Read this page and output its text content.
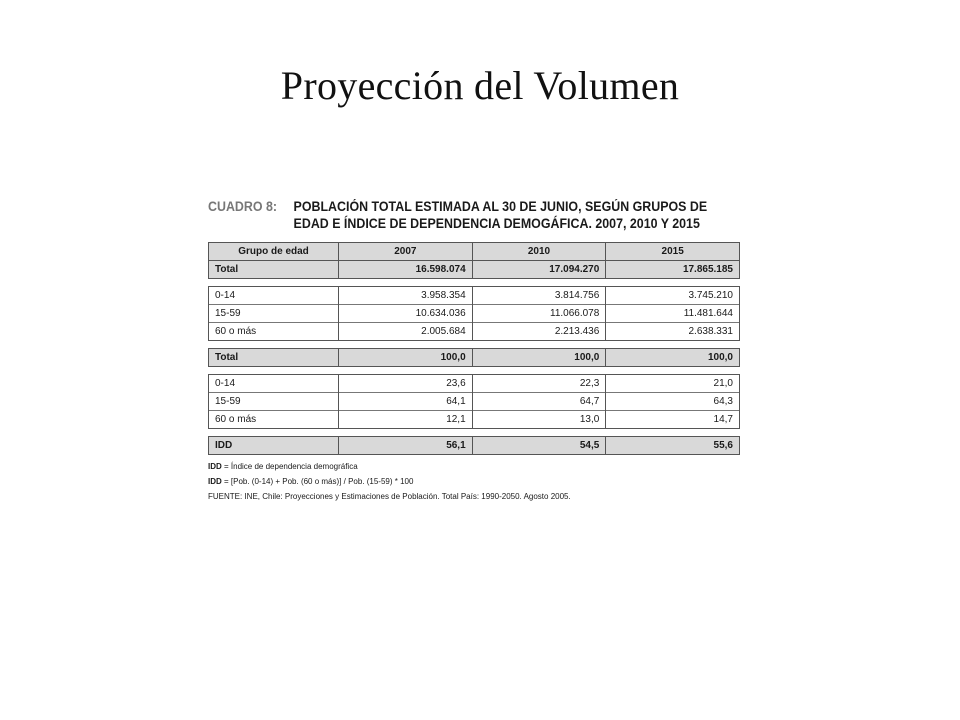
Proyección del Volumen
CUADRO 8:	POBLACIÓN TOTAL ESTIMADA AL 30 DE JUNIO, SEGÚN GRUPOS DE
EDAD E ÍNDICE DE DEPENDENCIA DEMOGÁFICA. 2007, 2010 Y 2015
Grupo de edad	2007	2010	2015
Total	16.598.074	17.094.270	17.865.185
0-14	3.958.354	3.814.756	3.745.210
15-59	10.634.036	11.066.078	11.481.644
60 o más	2.005.684	2.213.436	2.638.331
Total	100,0	100,0	100,0
0-14	23,6	22,3	21,0
15-59	64,1	64,7	64,3
60 o más	12,1	13,0	14,7
IDD	56,1	54,5	55,6
IDD = Índice de dependencia demográfica
IDD = [Pob. (0-14) + Pob. (60 o más)] / Pob. (15-59) * 100
FUENTE: INE, Chile: Proyecciones y Estimaciones de Población. Total País: 1990-2050. Agosto 2005.
